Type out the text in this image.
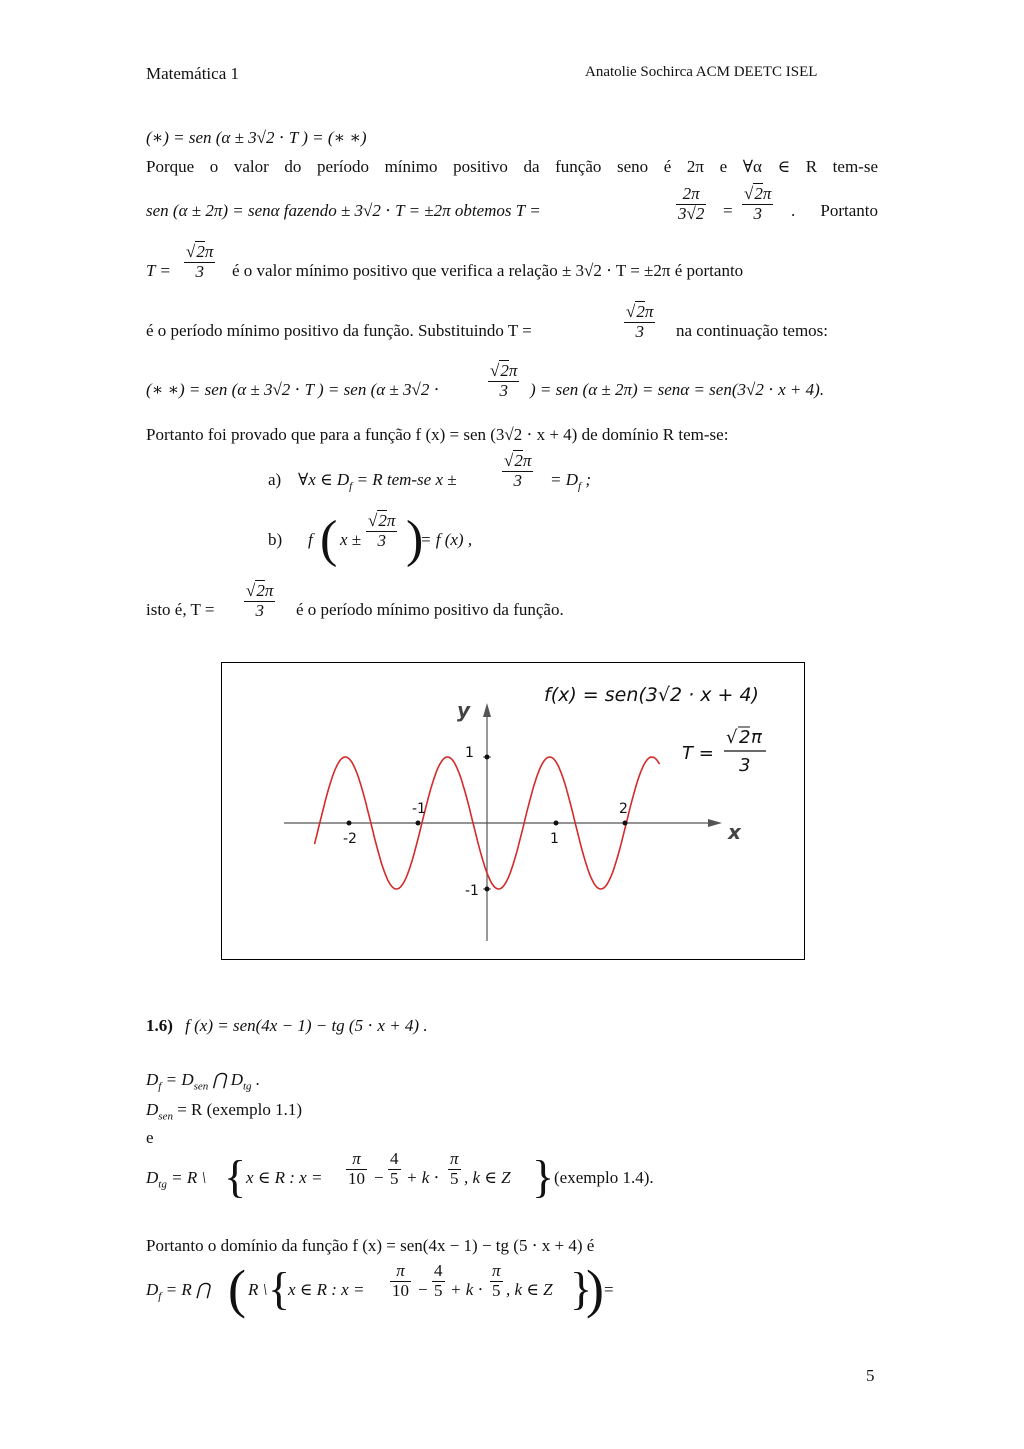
Matemática 1	Anatolie Sochirca ACM DEETC ISEL
(∗) = sen (α ± 3√2 ⋅ T ) = (∗ ∗)
Porque o valor do período mínimo positivo da função seno é 2π e ∀α ∈ R tem-se
sen (α ± 2π) = senα fazendo ± 3√2 ⋅ T = ±2π obtemos T =	$\frac{2\pi}{3√2} = \frac{√2\pi}{3}$ . Portanto
$T = \frac{√2\pi}{3}$ é o valor mínimo positivo que verifica a relação ± 3√2 ⋅ T = ±2π é portanto
é o período mínimo positivo da função. Substituindo T =	$\frac{√2\pi}{3}$ na continuação temos:
(∗ ∗) = sen (α ± 3√2 ⋅ T ) = sen (α ± 3√2 ⋅	$\frac{√2\pi}{3}$ ) = sen (α ± 2π) = senα = sen(3√2 ⋅ x + 4).
Portanto foi provado que para a função f (x) = sen (3√2 ⋅ x + 4) de domínio R tem-se:
a) ∀x ∈ $D_f = R$ tem-se x ±	$\frac{√2\pi}{3} = D_f$ ;
b) f ( $x \pm \frac{√2\pi}{3}$ )
= f (x) ,
isto é, $T = \frac{√2\pi}{3}$ é o período mínimo positivo da função.
x
y
-2
-1
1
2
1
-1
f(x) = sen(3√2 · x + 4)
T =
√ 2 π
3
1.6) f (x) = sen(4x − 1) − tg (5 ⋅ x + 4) .
$D_f = D_{sen}$ ⋂ $D_{tg}$ .
$D_{sen} = R$ (exemplo 1.1)
e
$D_{tg} = R$ \ { x ∈ R : $x = \frac{\pi}{10} - \frac{4}{5} + k \cdot \frac{\pi}{5}$ , k ∈ Z } (exemplo 1.4).
Portanto o domínio da função f (x) = sen(4x − 1) − tg (5 ⋅ x + 4) é
$D_f = R$ ⋂ ( R \ {
x ∈ R : $x = \frac{\pi}{10} - \frac{4}{5} + k \cdot \frac{\pi}{5}$ , k ∈ Z }
) =
5
